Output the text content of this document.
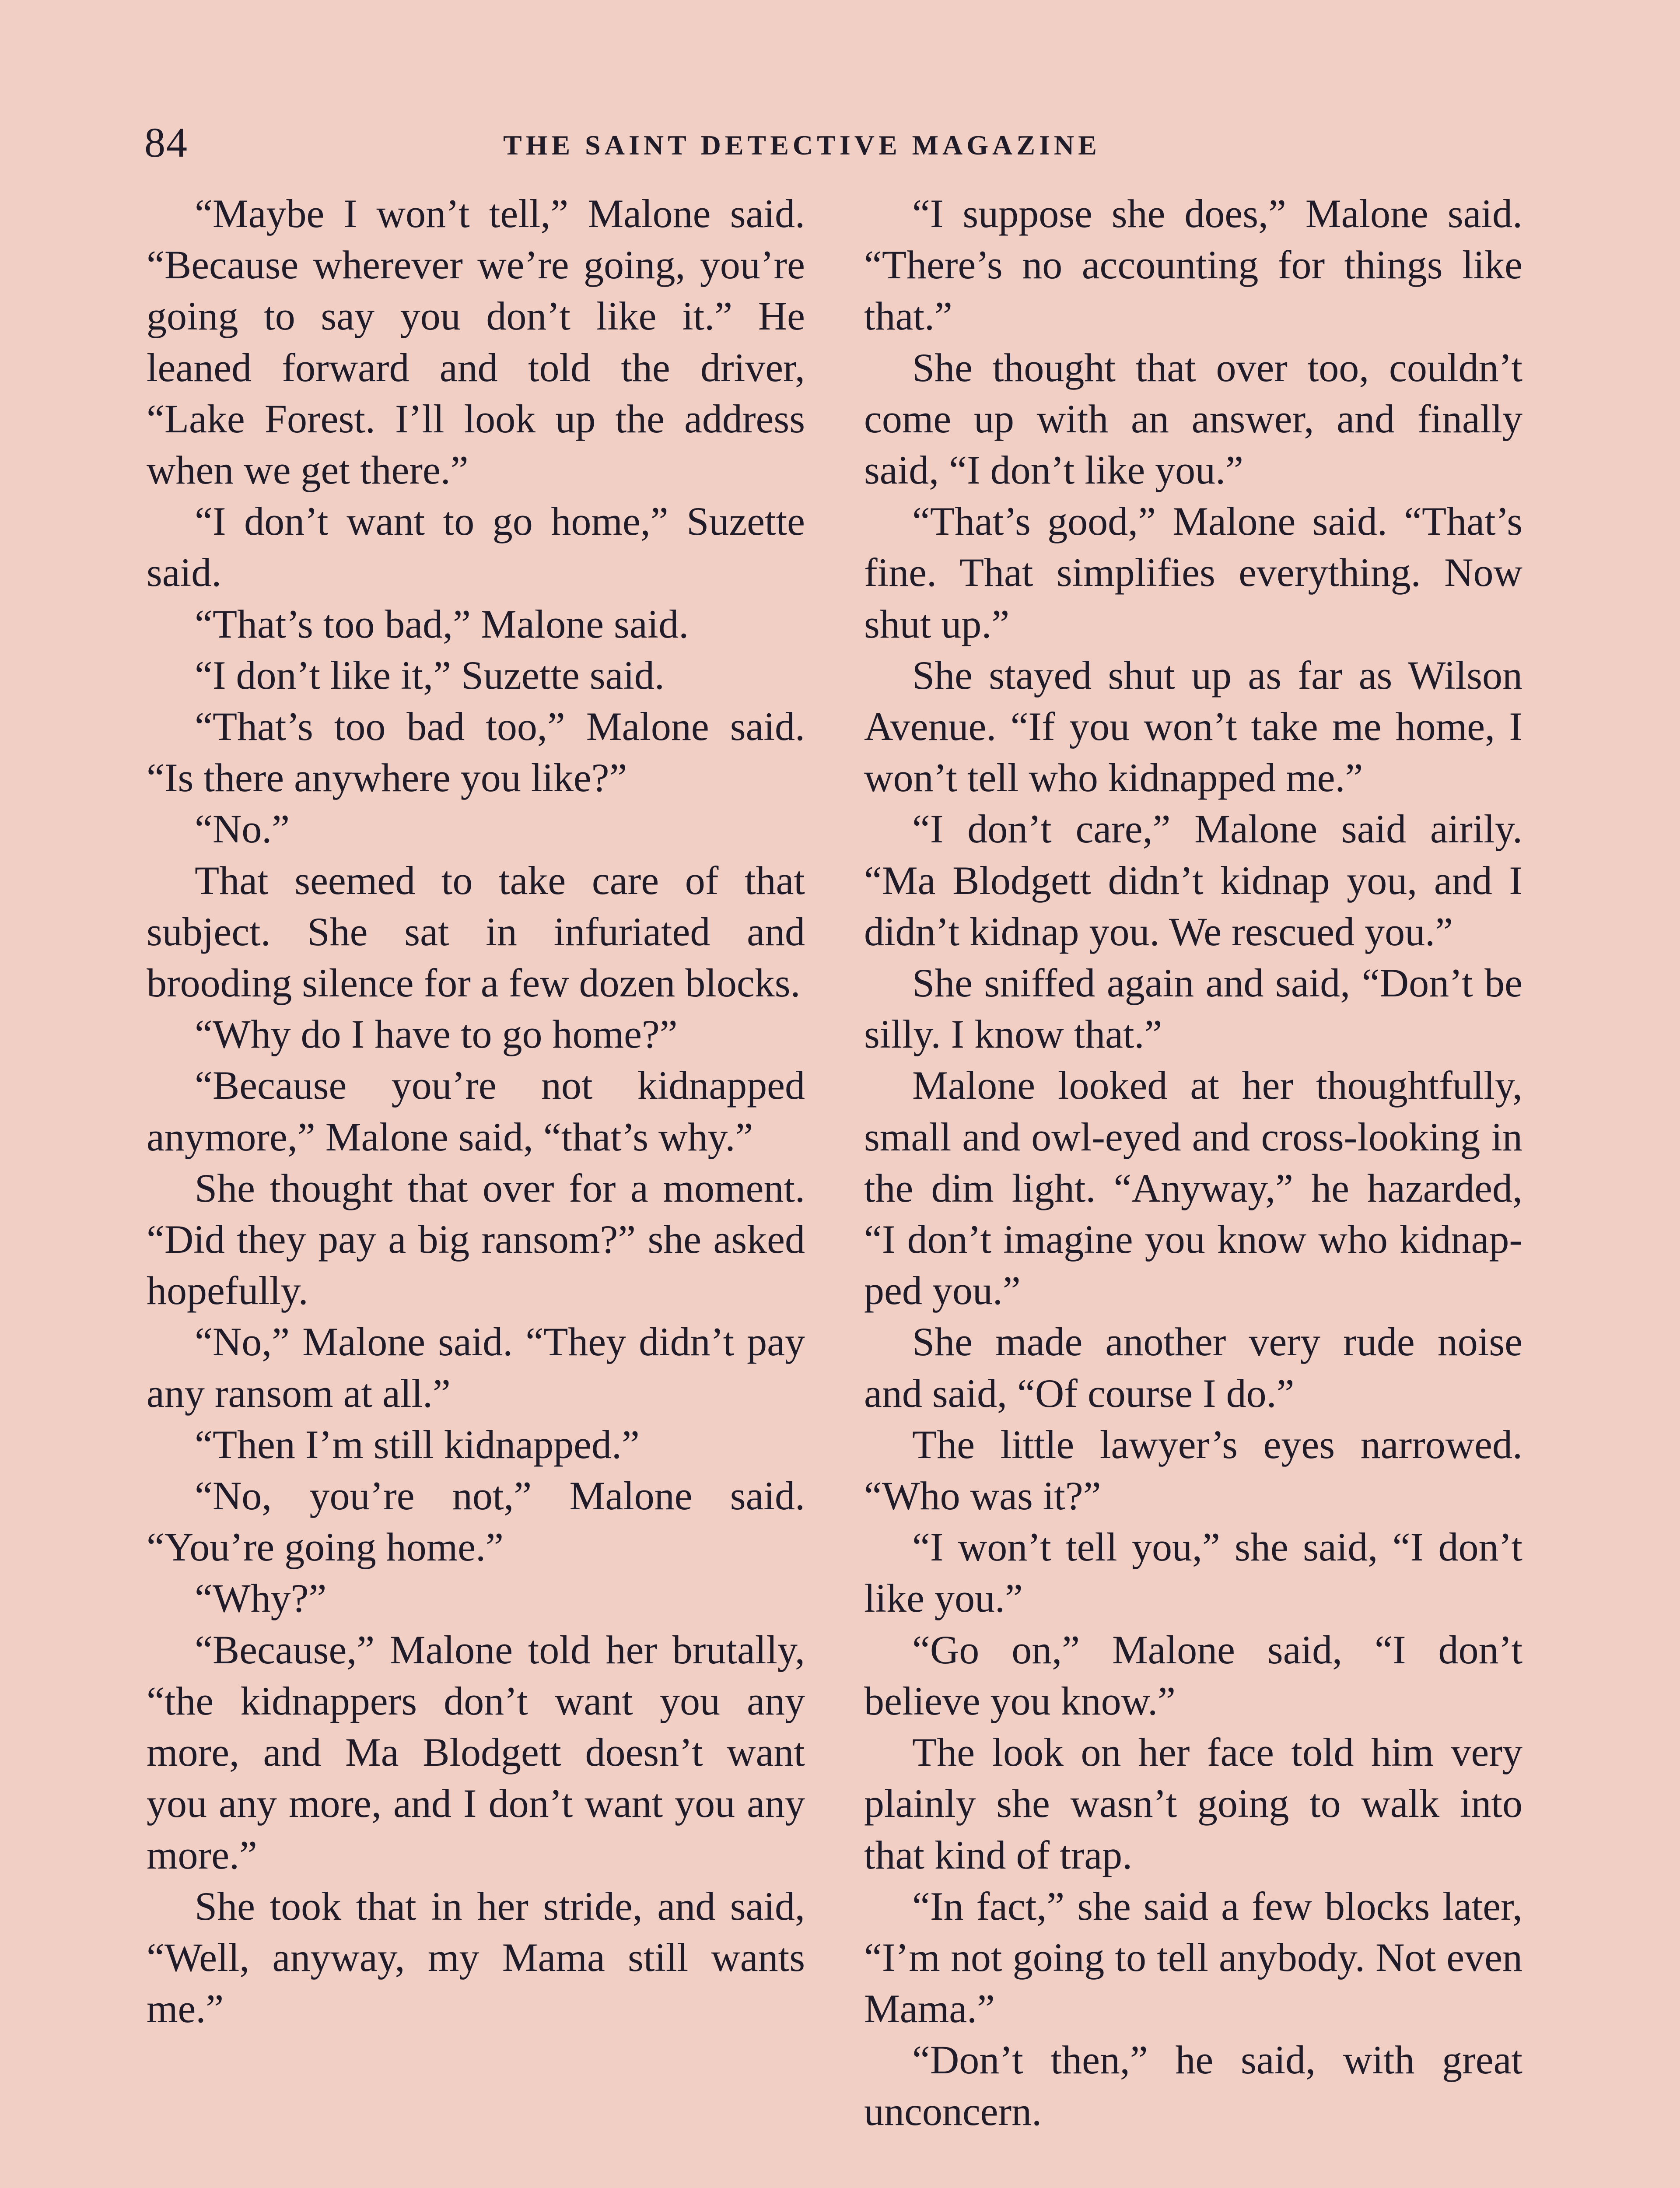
84	THE SAINT DETECTIVE MAGAZINE

“Maybe I won’t tell,” Malone said. “Because wherever we’re going, you’re going to say you don’t like it.” He leaned forward and told the driver, “Lake Forest. I’ll look up the address when we get there.”

“I don’t want to go home,” Suzette said.

“That’s too bad,” Malone said.

“I don’t like it,” Suzette said.

“That’s too bad too,” Malone said. “Is there anywhere you like?”

“No.”

That seemed to take care of that subject. She sat in infuriated and brooding silence for a few dozen blocks.

“Why do I have to go home?”

“Because you’re not kidnapped anymore,” Malone said, “that’s why.”

She thought that over for a moment. “Did they pay a big ransom?” she asked hopefully.

“No,” Malone said. “They didn’t pay any ransom at all.”

“Then I’m still kidnapped.”

“No, you’re not,” Malone said. “You’re going home.”

“Why?”

“Because,” Malone told her brutally, “the kidnappers don’t want you any more, and Ma Blodgett doesn’t want you any more, and I don’t want you any more.”

She took that in her stride, and said, “Well, anyway, my Mama still wants me.”

“I suppose she does,” Malone said. “There’s no accounting for things like that.”

She thought that over too, couldn’t come up with an answer, and finally said, “I don’t like you.”

“That’s good,” Malone said. “That’s fine. That simplifies everything. Now shut up.”

She stayed shut up as far as Wilson Avenue. “If you won’t take me home, I won’t tell who kidnapped me.”

“I don’t care,” Malone said airily. “Ma Blodgett didn’t kidnap you, and I didn’t kidnap you. We rescued you.”

She sniffed again and said, “Don’t be silly. I know that.”

Malone looked at her thoughtfully, small and owl-eyed and cross-looking in the dim light. “Anyway,” he hazarded, “I don’t imagine you know who kidnapped you.”

She made another very rude noise and said, “Of course I do.”

The little lawyer’s eyes narrowed. “Who was it?”

“I won’t tell you,” she said, “I don’t like you.”

“Go on,” Malone said, “I don’t believe you know.”

The look on her face told him very plainly she wasn’t going to walk into that kind of trap.

“In fact,” she said a few blocks later, “I’m not going to tell anybody. Not even Mama.”

“Don’t then,” he said, with great unconcern.
